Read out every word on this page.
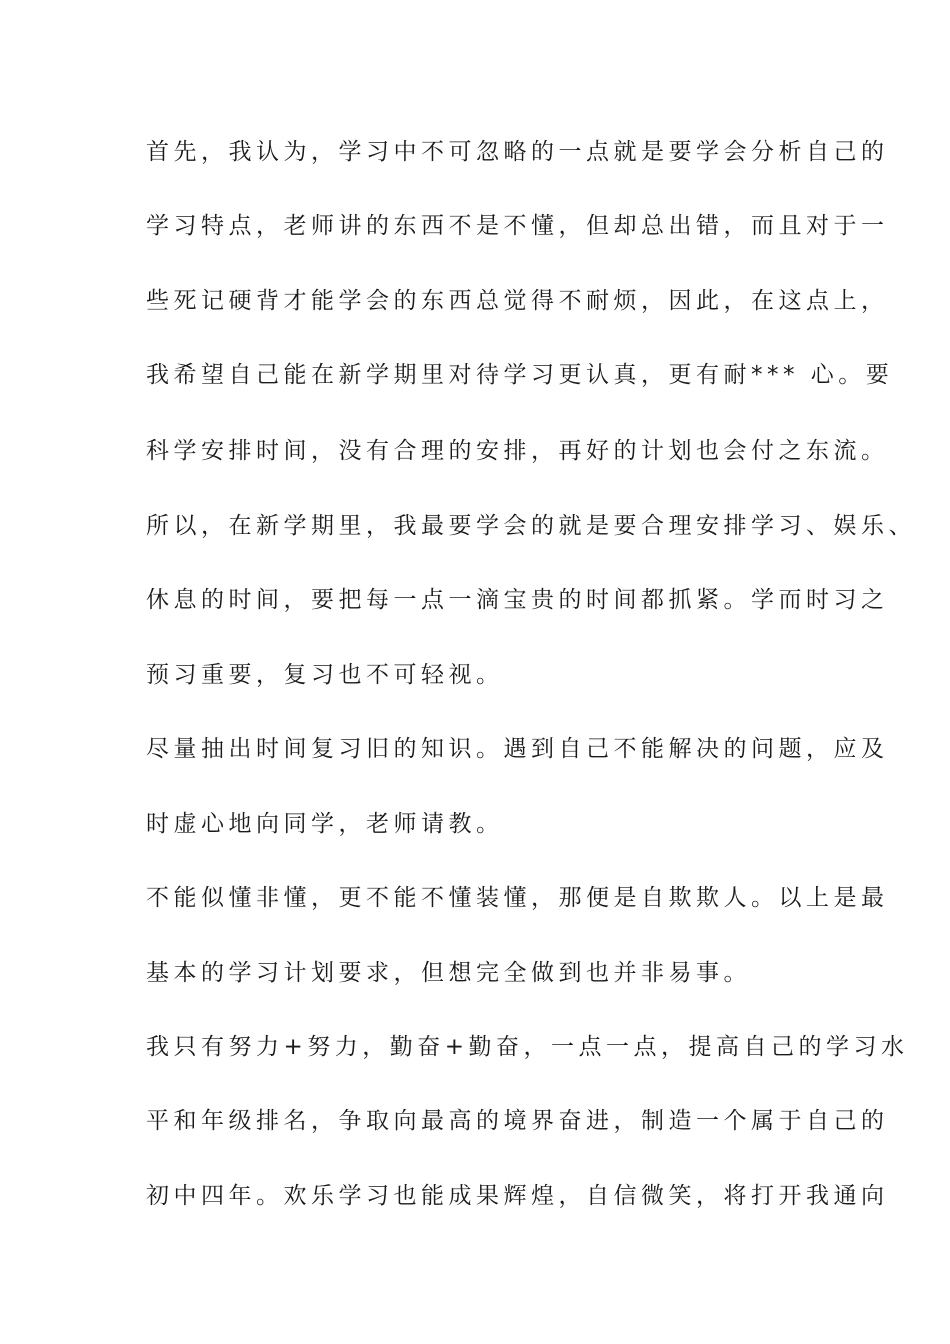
首先，我认为，学习中不可忽略的一点就是要学会分析自己的
学习特点，老师讲的东西不是不懂，但却总出错，而且对于一
些死记硬背才能学会的东西总觉得不耐烦，因此，在这点上，
我希望自己能在新学期里对待学习更认真，更有耐*** 心。要
科学安排时间，没有合理的安排，再好的计划也会付之东流。
所以，在新学期里，我最要学会的就是要合理安排学习、娱乐、
休息的时间，要把每一点一滴宝贵的时间都抓紧。学而时习之
预习重要，复习也不可轻视。
尽量抽出时间复习旧的知识。遇到自己不能解决的问题，应及
时虚心地向同学，老师请教。
不能似懂非懂，更不能不懂装懂，那便是自欺欺人。以上是最
基本的学习计划要求，但想完全做到也并非易事。
我只有努力+努力，勤奋+勤奋，一点一点，提高自己的学习水
平和年级排名，争取向最高的境界奋进，制造一个属于自己的
初中四年。欢乐学习也能成果辉煌，自信微笑，将打开我通向
